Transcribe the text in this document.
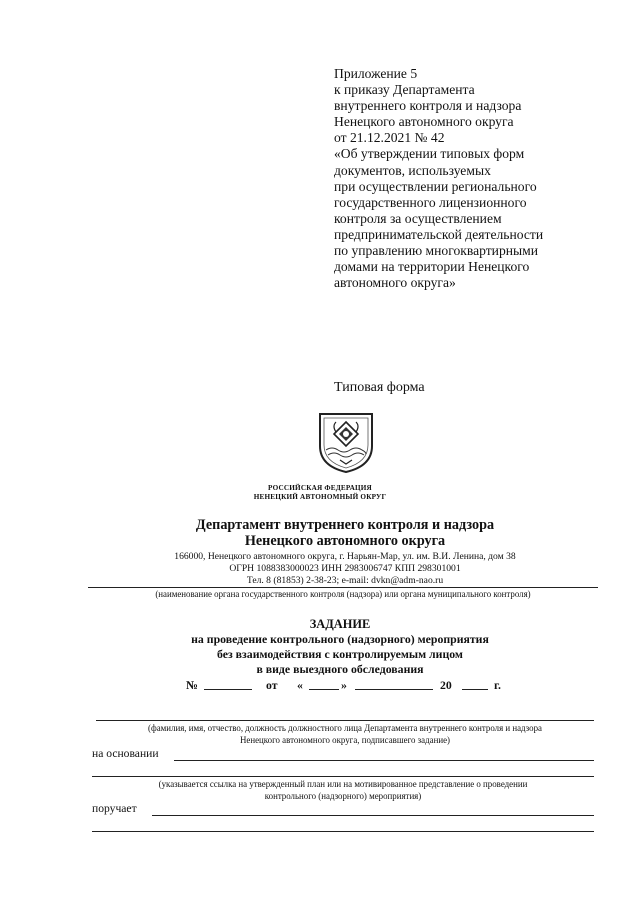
Приложение 5
к приказу Департамента
внутреннего контроля и надзора
Ненецкого автономного округа
от 21.12.2021 № 42
«Об утверждении типовых форм
документов, используемых
при осуществлении регионального
государственного лицензионного
контроля за осуществлением
предпринимательской деятельности
по управлению многоквартирными
домами на территории Ненецкого
автономного округа»
Типовая форма
РОССИЙСКАЯ ФЕДЕРАЦИЯ
НЕНЕЦКИЙ АВТОНОМНЫЙ ОКРУГ
Департамент внутреннего контроля и надзора
Ненецкого автономного округа
166000, Ненецкого автономного округа, г. Нарьян-Мар, ул. им. В.И. Ленина, дом 38
ОГРН 1088383000023 ИНН 2983006747 КПП 298301001
Тел. 8 (81853) 2-38-23; e-mail: dvkn@adm-nao.ru
(наименование органа государственного контроля (надзора) или органа муниципального контроля)
ЗАДАНИЕ
на проведение контрольного (надзорного) мероприятия
без взаимодействия с контролируемым лицом
в виде выездного обследования
№	от «	»	20	г.
(фамилия, имя, отчество, должность должностного лица Департамента внутреннего контроля и надзора
Ненецкого автономного округа, подписавшего задание)
на основании
(указывается ссылка на утвержденный план или на мотивированное представление о проведении
контрольного (надзорного) мероприятия)
поручает
